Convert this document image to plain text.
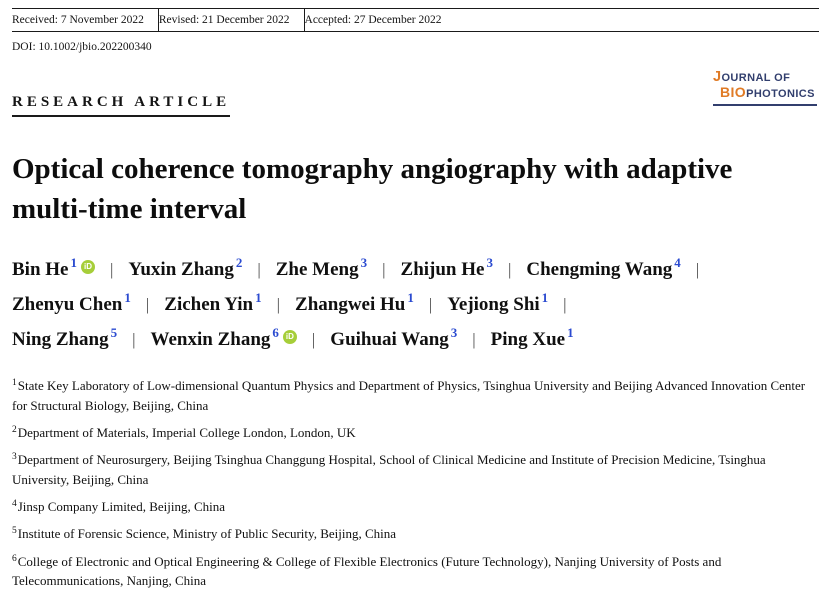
Received: 7 November 2022	Revised: 21 December 2022	Accepted: 27 December 2022
DOI: 10.1002/jbio.202200340
RESEARCH ARTICLE
JOURNAL OF
BIOPHOTONICS
Optical coherence tomography angiography with adaptive multi-time interval
Bin He $^1$ iD | Yuxin Zhang $^2$ | Zhe Meng $^3$ | Zhijun He $^3$ | Chengming Wang $^4$ |
Zhenyu Chen $^1$ | Zichen Yin $^1$ | Zhangwei Hu $^1$ | Yejiong Shi $^1$ |
Ning Zhang $^5$ | Wenxin Zhang $^6$ iD | Guihuai Wang $^3$ | Ping Xue $^1$

$^1$State Key Laboratory of Low-dimensional Quantum Physics and Department of Physics, Tsinghua University and Beijing Advanced Innovation Center for Structural Biology, Beijing, China

$^2$Department of Materials, Imperial College London, London, UK

$^3$Department of Neurosurgery, Beijing Tsinghua Changgung Hospital, School of Clinical Medicine and Institute of Precision Medicine, Tsinghua University, Beijing, China

$^4$Jinsp Company Limited, Beijing, China

$^5$Institute of Forensic Science, Ministry of Public Security, Beijing, China

$^6$College of Electronic and Optical Engineering & College of Flexible Electronics (Future Technology), Nanjing University of Posts and Telecommunications, Nanjing, China
